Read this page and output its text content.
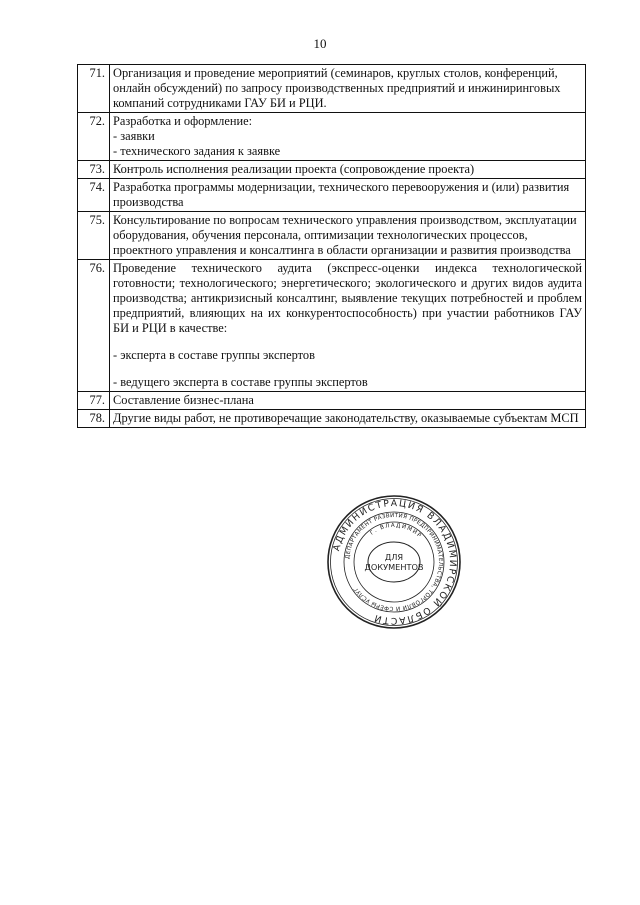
10
71.	Организация и проведение мероприятий (семинаров, круглых столов, конференций, онлайн обсуждений) по запросу производственных предприятий и инжиниринговых компаний сотрудниками ГАУ БИ и РЦИ.

72.	Разработка и оформление:
- заявки
- технического задания к заявке

73.	Контроль исполнения реализации проекта (сопровождение проекта)

74.	Разработка программы модернизации, технического перевооружения и (или) развития производства

75.	Консультирование по вопросам технического управления производством, эксплуатации оборудования, обучения персонала, оптимизации технологических процессов, проектного управления и консалтинга в области организации и развития производства

76.	Проведение технического аудита (экспресс-оценки индекса технологической готовности; технологического; энергетического; экологического и других видов аудита производства; антикризисный консалтинг, выявление текущих потребностей и проблем предприятий, влияющих на их конкурентоспособность) при участии работников ГАУ БИ и РЦИ в качестве:
- эксперта в составе группы экспертов
- ведущего эксперта в составе группы экспертов

77.	Составление бизнес-плана

78.	Другие виды работ, не противоречащие законодательству, оказываемые субъектам МСП
АДМИНИСТРАЦИЯ ВЛАДИМИРСКОЙ ОБЛАСТИ
ДЕПАРТАМЕНТ РАЗВИТИЯ ПРЕДПРИНИМАТЕЛЬСТВА, ТОРГОВЛИ И СФЕРЫ УСЛУГ
Г. ВЛАДИМИР
ДЛЯ
ДОКУМЕНТОВ
